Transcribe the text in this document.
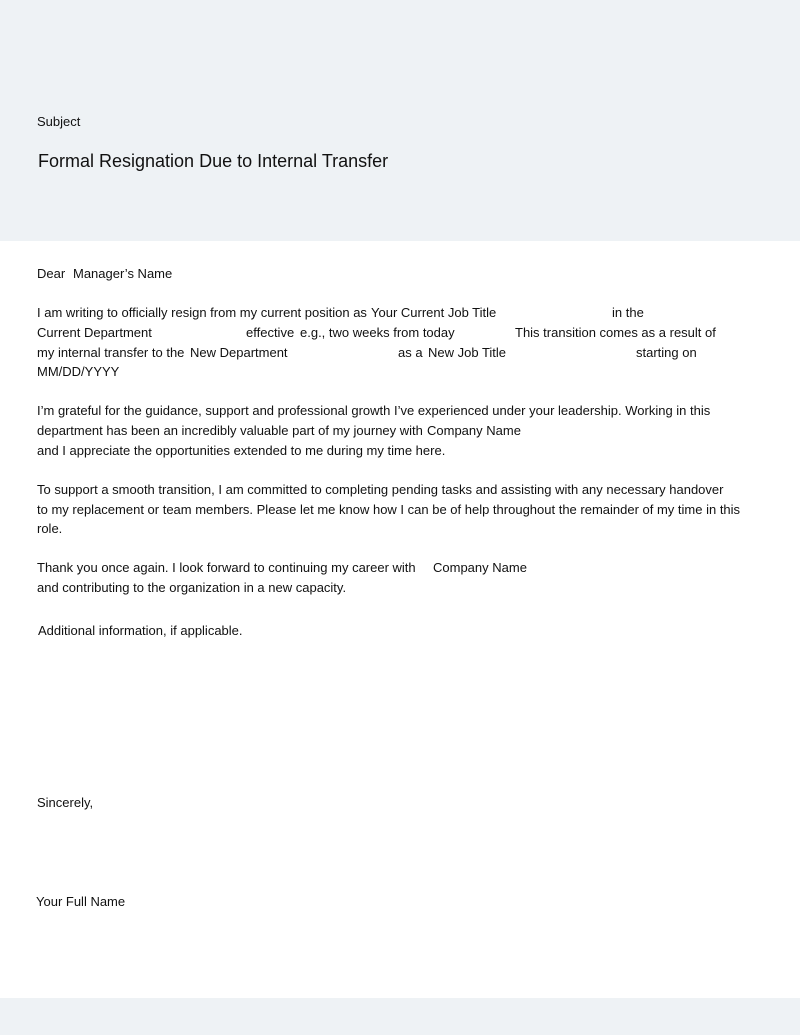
Subject
Formal Resignation Due to Internal Transfer
Dear Manager’s Name
I am writing to officially resign from my current position as Your Current Job Title	in the
Current Department	effective e.g., two weeks from today	This transition comes as a result of
my internal transfer to the New Department	as a New Job Title	starting on
MM/DD/YYYY
I’m grateful for the guidance, support and professional growth I’ve experienced under your leadership. Working in this
department has been an incredibly valuable part of my journey with Company Name
and I appreciate the opportunities extended to me during my time here.
To support a smooth transition, I am committed to completing pending tasks and assisting with any necessary handover
to my replacement or team members. Please let me know how I can be of help throughout the remainder of my time in this
role.
Thank you once again. I look forward to continuing my career with Company Name
and contributing to the organization in a new capacity.
Additional information, if applicable.
Sincerely,
Your Full Name
